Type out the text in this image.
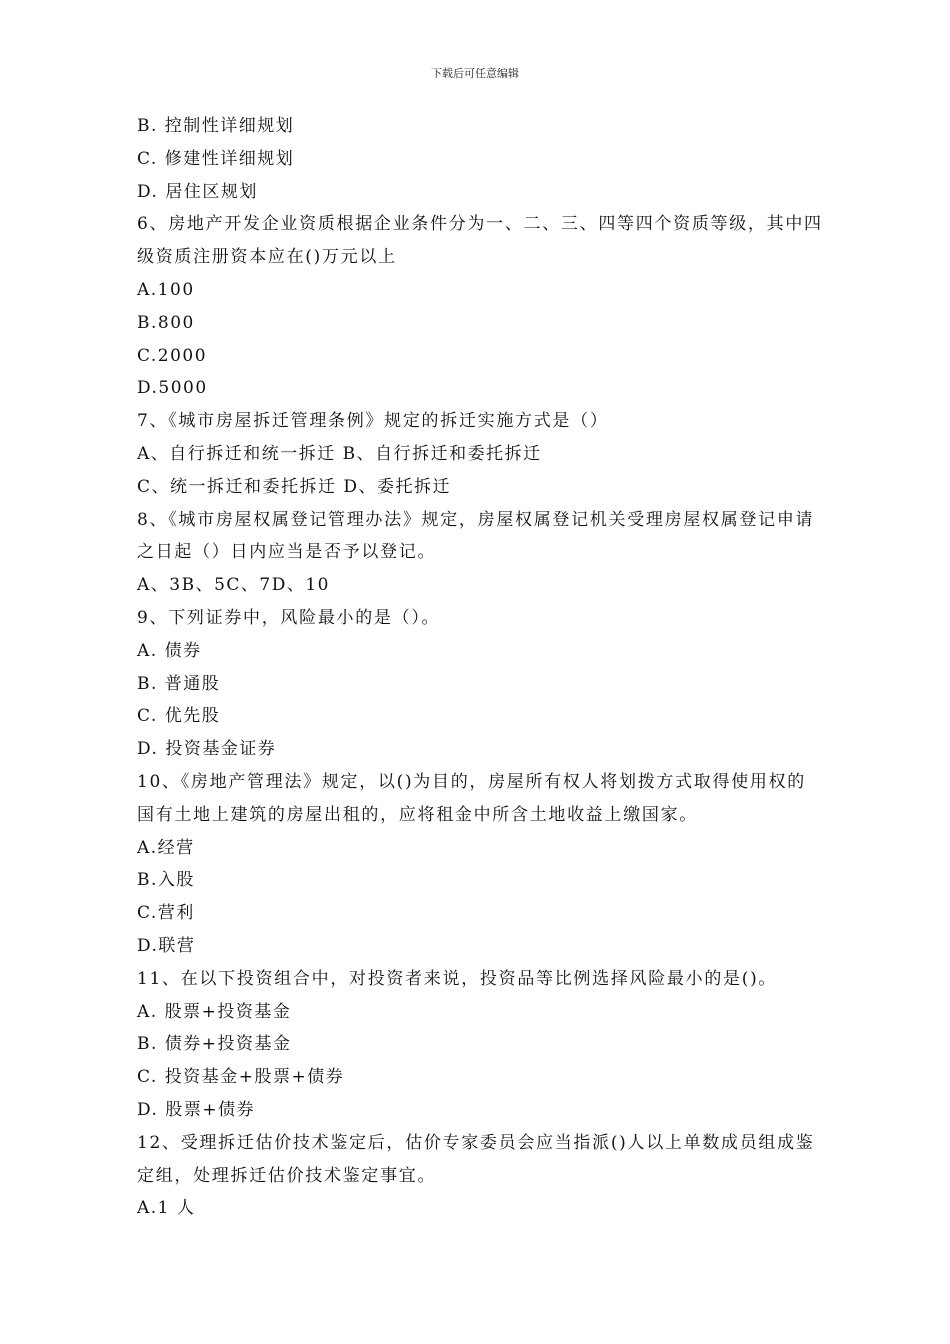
下载后可任意编辑
B. 控制性详细规划
C. 修建性详细规划
D. 居住区规划
6、房地产开发企业资质根据企业条件分为一、二、三、四等四个资质等级，其中四
级资质注册资本应在()万元以上
A.100
B.800
C.2000
D.5000
7、《城市房屋拆迁管理条例》规定的拆迁实施方式是（）
A、自行拆迁和统一拆迁 B、自行拆迁和委托拆迁
C、统一拆迁和委托拆迁 D、委托拆迁
8、《城市房屋权属登记管理办法》规定，房屋权属登记机关受理房屋权属登记申请
之日起（）日内应当是否予以登记。
A、3B、5C、7D、10
9、下列证券中，风险最小的是（）。
A. 债券
B. 普通股
C. 优先股
D. 投资基金证券
10、《房地产管理法》规定，以()为目的，房屋所有权人将划拨方式取得使用权的
国有土地上建筑的房屋出租的，应将租金中所含土地收益上缴国家。
A.经营
B.入股
C.营利
D.联营
11、在以下投资组合中，对投资者来说，投资品等比例选择风险最小的是()。
A. 股票+投资基金
B. 债券+投资基金
C. 投资基金+股票+债券
D. 股票+债券
12、受理拆迁估价技术鉴定后，估价专家委员会应当指派()人以上单数成员组成鉴
定组，处理拆迁估价技术鉴定事宜。
A.1 人
